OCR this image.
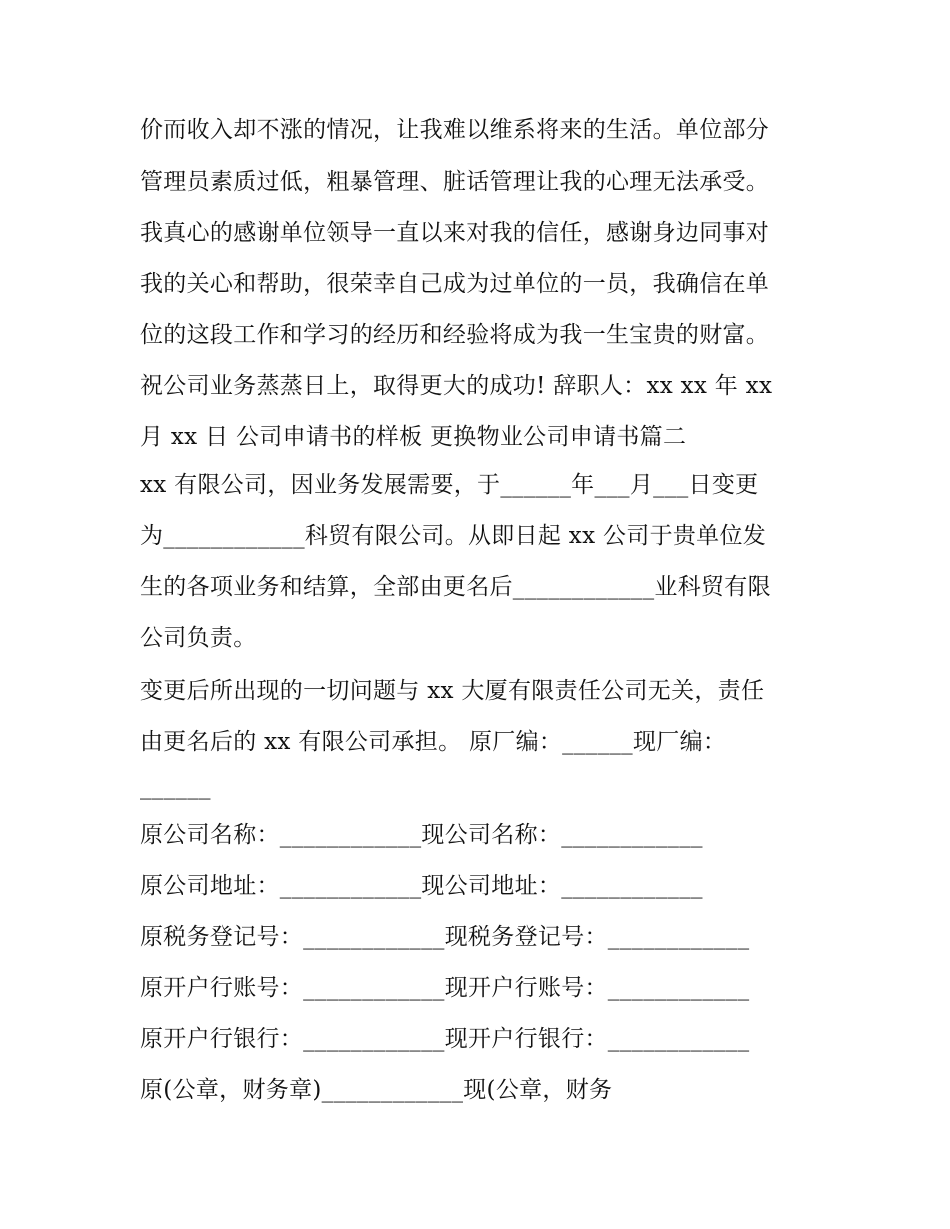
价而收入却不涨的情况，让我难以维系将来的生活。单位部分
管理员素质过低，粗暴管理、脏话管理让我的心理无法承受。
我真心的感谢单位领导一直以来对我的信任，感谢身边同事对
我的关心和帮助，很荣幸自己成为过单位的一员，我确信在单
位的这段工作和学习的经历和经验将成为我一生宝贵的财富。
祝公司业务蒸蒸日上，取得更大的成功! 辞职人：xx xx 年 xx
月 xx 日 公司申请书的样板 更换物业公司申请书篇二
xx 有限公司，因业务发展需要，于______年___月___日变更
为____________科贸有限公司。从即日起 xx 公司于贵单位发
生的各项业务和结算，全部由更名后____________业科贸有限
公司负责。
变更后所出现的一切问题与 xx 大厦有限责任公司无关，责任
由更名后的 xx 有限公司承担。 原厂编：______现厂编：
______
原公司名称：____________现公司名称：____________
原公司地址：____________现公司地址：____________
原税务登记号：____________现税务登记号：____________
原开户行账号：____________现开户行账号：____________
原开户行银行：____________现开户行银行：____________
原(公章，财务章)____________现(公章，财务
